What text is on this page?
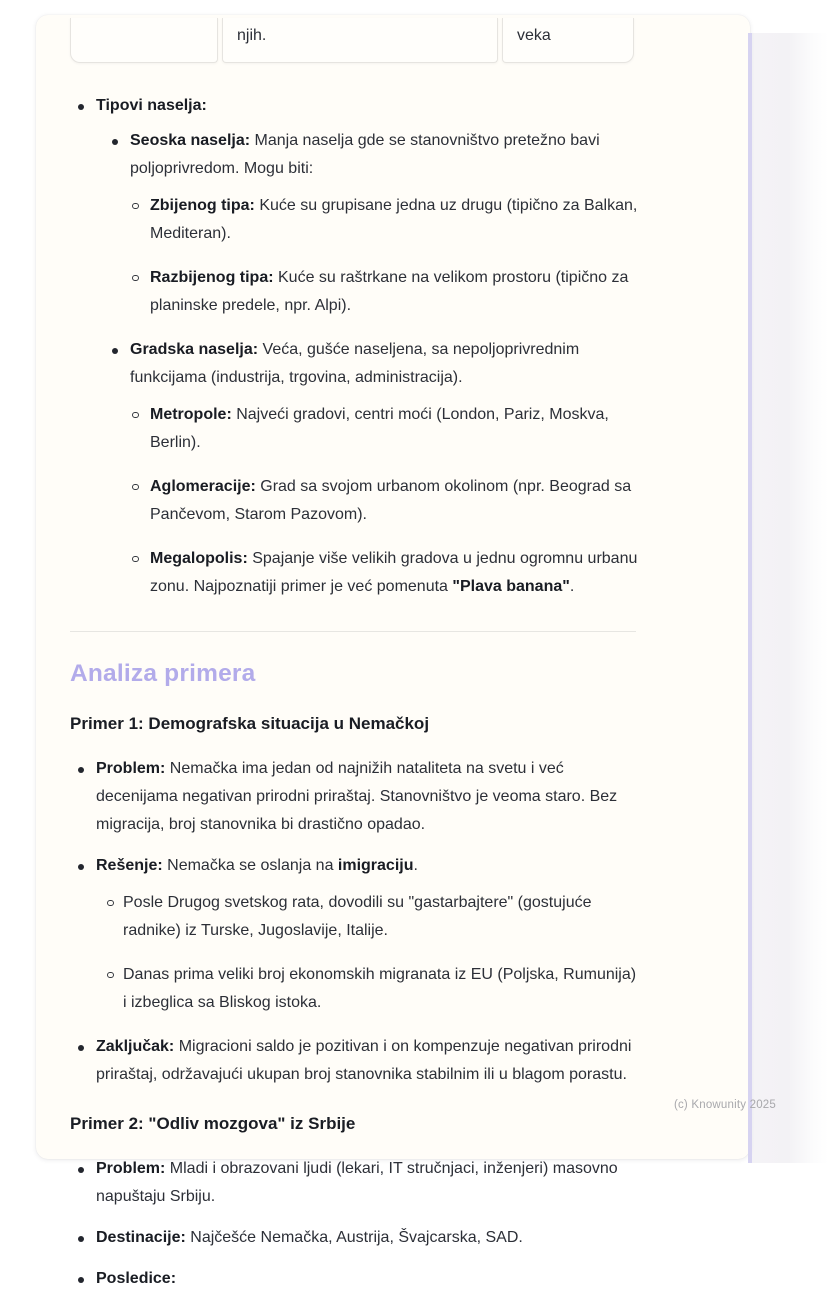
njih.	veka
Tipovi naselja:
Seoska naselja: Manja naselja gde se stanovništvo pretežno bavi poljoprivredom. Mogu biti:
Zbijenog tipa: Kuće su grupisane jedna uz drugu (tipično za Balkan, Mediteran).
Razbijenog tipa: Kuće su raštrkane na velikom prostoru (tipično za planinske predele, npr. Alpi).
Gradska naselja: Veća, gušće naseljena, sa nepoljoprivrednim funkcijama (industrija, trgovina, administracija).
Metropole: Najveći gradovi, centri moći (London, Pariz, Moskva, Berlin).
Aglomeracije: Grad sa svojom urbanom okolinom (npr. Beograd sa Pančevom, Starom Pazovom).
Megalopolis: Spajanje više velikih gradova u jednu ogromnu urbanu zonu. Najpoznatiji primer je već pomenuta "Plava banana".
Analiza primera
Primer 1: Demografska situacija u Nemačkoj
Problem: Nemačka ima jedan od najnižih nataliteta na svetu i već decenijama negativan prirodni priraštaj. Stanovništvo je veoma staro. Bez migracija, broj stanovnika bi drastično opadao.
Rešenje: Nemačka se oslanja na imigraciju.
Posle Drugog svetskog rata, dovodili su "gastarbajtere" (gostujuće radnike) iz Turske, Jugoslavije, Italije.
Danas prima veliki broj ekonomskih migranata iz EU (Poljska, Rumunija) i izbeglica sa Bliskog istoka.
Zaključak: Migracioni saldo je pozitivan i on kompenzuje negativan prirodni priraštaj, održavajući ukupan broj stanovnika stabilnim ili u blagom porastu.
Primer 2: "Odliv mozgova" iz Srbije
Problem: Mladi i obrazovani ljudi (lekari, IT stručnjaci, inženjeri) masovno napuštaju Srbiju.
Destinacije: Najčešće Nemačka, Austrija, Švajcarska, SAD.
Posledice:
(c) Knowunity 2025
